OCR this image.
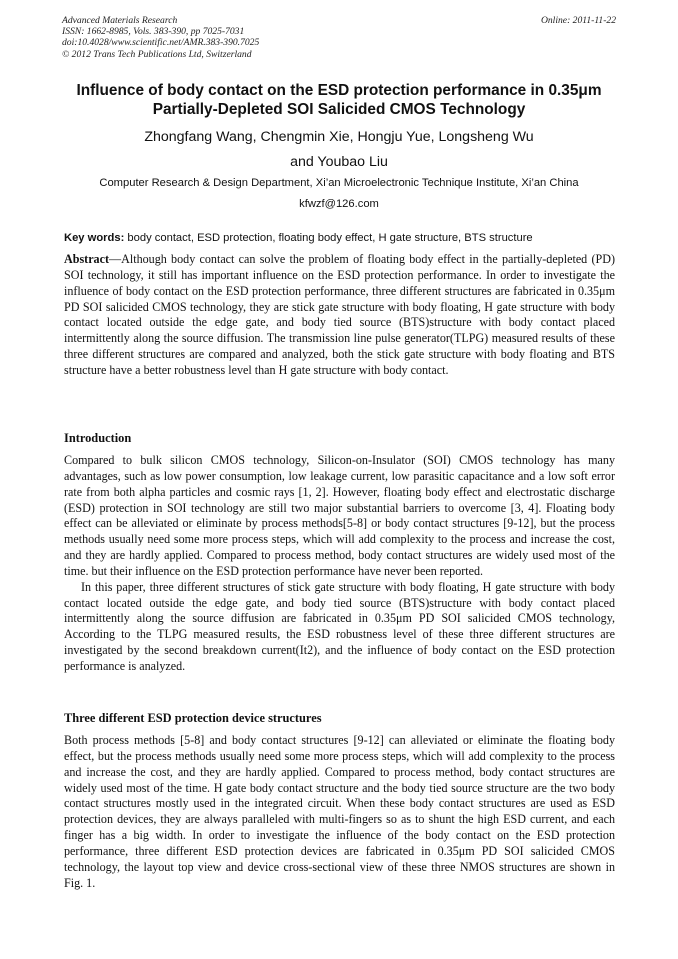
Advanced Materials Research
ISSN: 1662-8985, Vols. 383-390, pp 7025-7031
doi:10.4028/www.scientific.net/AMR.383-390.7025
© 2012 Trans Tech Publications Ltd, Switzerland
Online: 2011-11-22
Influence of body contact on the ESD protection performance in 0.35μm
Partially-Depleted SOI Salicided CMOS Technology
Zhongfang Wang, Chengmin Xie, Hongju Yue, Longsheng Wu
and Youbao Liu
Computer Research & Design Department, Xi’an Microelectronic Technique Institute, Xi’an China
kfwzf@126.com
Key words: body contact, ESD protection, floating body effect, H gate structure, BTS structure

Abstract—Although body contact can solve the problem of floating body effect in the partially-depleted (PD) SOI technology, it still has important influence on the ESD protection performance. In order to investigate the influence of body contact on the ESD protection performance, three different structures are fabricated in 0.35μm PD SOI salicided CMOS technology, they are stick gate structure with body floating, H gate structure with body contact located outside the edge gate, and body tied source (BTS)structure with body contact placed intermittently along the source diffusion. The transmission line pulse generator(TLPG) measured results of these three different structures are compared and analyzed, both the stick gate structure with body floating and BTS structure have a better robustness level than H gate structure with body contact.

Introduction

Compared to bulk silicon CMOS technology, Silicon-on-Insulator (SOI) CMOS technology has many advantages, such as low power consumption, low leakage current, low parasitic capacitance and a low soft error rate from both alpha particles and cosmic rays [1, 2]. However, floating body effect and electrostatic discharge (ESD) protection in SOI technology are still two major substantial barriers to overcome [3, 4]. Floating body effect can be alleviated or eliminate by process methods[5-8] or body contact structures [9-12], but the process methods usually need some more process steps, which will add complexity to the process and increase the cost, and they are hardly applied. Compared to process method, body contact structures are widely used most of the time. but their influence on the ESD protection performance have never been reported.

In this paper, three different structures of stick gate structure with body floating, H gate structure with body contact located outside the edge gate, and body tied source (BTS)structure with body contact placed intermittently along the source diffusion are fabricated in 0.35μm PD SOI salicided CMOS technology, According to the TLPG measured results, the ESD robustness level of these three different structures are investigated by the second breakdown current(It2), and the influence of body contact on the ESD protection performance is analyzed.

Three different ESD protection device structures

Both process methods [5-8] and body contact structures [9-12] can alleviated or eliminate the floating body effect, but the process methods usually need some more process steps, which will add complexity to the process and increase the cost, and they are hardly applied. Compared to process method, body contact structures are widely used most of the time. H gate body contact structure and the body tied source structure are the two body contact structures mostly used in the integrated circuit. When these body contact structures are used as ESD protection devices, they are always paralleled with multi-fingers so as to shunt the high ESD current, and each finger has a big width. In order to investigate the influence of the body contact on the ESD protection performance, three different ESD protection devices are fabricated in 0.35μm PD SOI salicided CMOS technology, the layout top view and device cross-sectional view of these three NMOS structures are shown in Fig. 1.
